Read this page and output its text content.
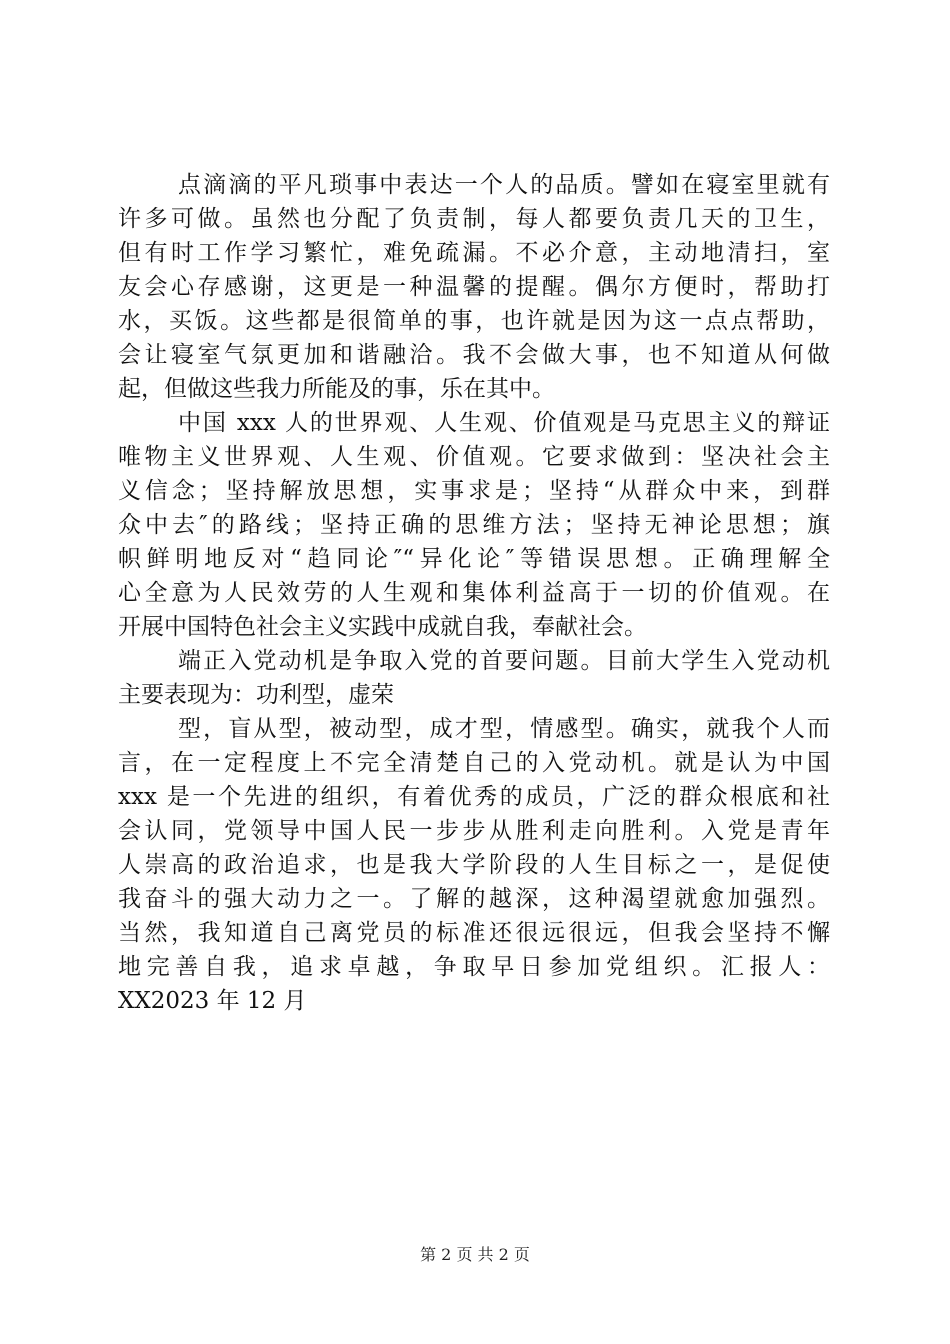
点滴滴的平凡琐事中表达一个人的品质。譬如在寝室里就有
许多可做。虽然也分配了负责制，每人都要负责几天的卫生，
但有时工作学习繁忙，难免疏漏。不必介意，主动地清扫，室
友会心存感谢，这更是一种温馨的提醒。偶尔方便时，帮助打
水，买饭。这些都是很简单的事，也许就是因为这一点点帮助，
会让寝室气氛更加和谐融洽。我不会做大事，也不知道从何做
起，但做这些我力所能及的事，乐在其中。
中国 xxx 人的世界观、人生观、价值观是马克思主义的辩证
唯物主义世界观、人生观、价值观。它要求做到：坚决社会主
义信念；坚持解放思想，实事求是；坚持“从群众中来，到群
众中去″的路线；坚持正确的思维方法；坚持无神论思想；旗
帜鲜明地反对“趋同论″“异化论″等错误思想。正确理解全
心全意为人民效劳的人生观和集体利益高于一切的价值观。在
开展中国特色社会主义实践中成就自我，奉献社会。
端正入党动机是争取入党的首要问题。目前大学生入党动机
主要表现为：功利型，虚荣
型，盲从型，被动型，成才型，情感型。确实，就我个人而
言，在一定程度上不完全清楚自己的入党动机。就是认为中国
xxx 是一个先进的组织，有着优秀的成员，广泛的群众根底和社
会认同，党领导中国人民一步步从胜利走向胜利。入党是青年
人崇高的政治追求，也是我大学阶段的人生目标之一，是促使
我奋斗的强大动力之一。了解的越深，这种渴望就愈加强烈。
当然，我知道自己离党员的标准还很远很远，但我会坚持不懈
地完善自我，追求卓越，争取早日参加党组织。汇报人：
XX2023 年 12 月
第 2 页 共 2 页
